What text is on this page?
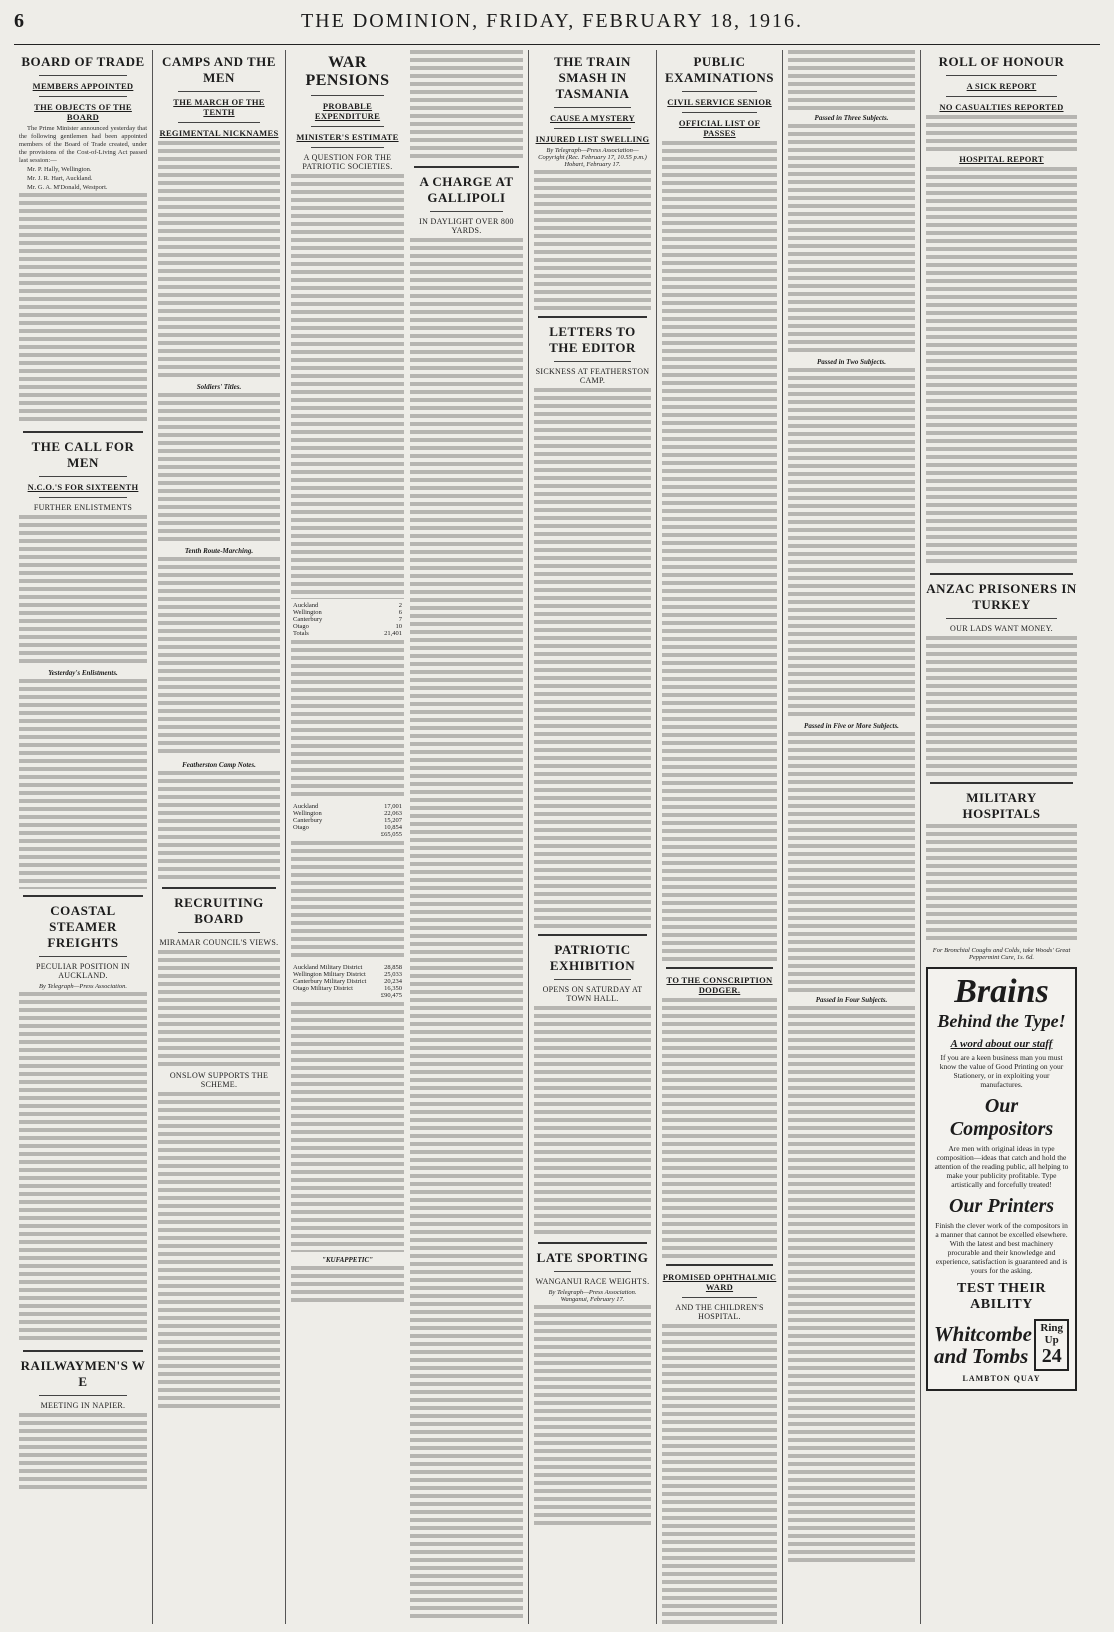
6	THE DOMINION, FRIDAY, FEBRUARY 18, 1916.
BOARD OF TRADE
MEMBERS APPOINTED
THE OBJECTS OF THE BOARD

The Prime Minister announced yesterday that the following gentlemen had been appointed members of the Board of Trade created, under the provisions of the Cost-of-Living Act passed last session:—

Mr. P. Hally, Wellington.

Mr. J. R. Hart, Auckland.

Mr. G. A. M'Donald, Westport.

THE CALL FOR MEN
N.C.O.'S FOR SIXTEENTH
FURTHER ENLISTMENTS
Yesterday's Enlistments.
COASTAL STEAMER FREIGHTS
PECULIAR POSITION IN AUCKLAND.
By Telegraph—Press Association.
RAILWAYMEN'S W E
MEETING IN NAPIER.
CAMPS AND THE MEN
THE MARCH OF THE TENTH
REGIMENTAL NICKNAMES
Soldiers' Titles.
Tenth Route-Marching.
Featherston Camp Notes.
RECRUITING BOARD
MIRAMAR COUNCIL'S VIEWS.
ONSLOW SUPPORTS THE SCHEME.
WAR PENSIONS
PROBABLE EXPENDITURE
MINISTER'S ESTIMATE
A QUESTION FOR THE PATRIOTIC SOCIETIES.
Auckland	2
Wellington	6
Canterbury	7
Otago	10
Totals	21,401
Auckland	17,001
Wellington	22,063
Canterbury	15,207
Otago	10,854
	£65,055
Auckland Military District	28,858
Wellington Military District	25,033
Canterbury Military District	20,234
Otago Military District	16,350
	£90,475
"KUFAPPETIC"
A CHARGE AT GALLIPOLI
IN DAYLIGHT OVER 800 YARDS.
THE TRAIN SMASH IN TASMANIA
CAUSE A MYSTERY
INJURED LIST SWELLING
By Telegraph—Press Association—Copyright (Rec. February 17, 10.55 p.m.) Hobart, February 17.
LETTERS TO THE EDITOR
SICKNESS AT FEATHERSTON CAMP.
PATRIOTIC EXHIBITION
OPENS ON SATURDAY AT TOWN HALL.
LATE SPORTING
WANGANUI RACE WEIGHTS.
By Telegraph—Press Association. Wanganui, February 17.
PUBLIC EXAMINATIONS
CIVIL SERVICE SENIOR
OFFICIAL LIST OF PASSES
TO THE CONSCRIPTION DODGER.
PROMISED OPHTHALMIC WARD
AND THE CHILDREN'S HOSPITAL.
Passed in Three Subjects.
Passed in Two Subjects.
Passed in Five or More Subjects.
Passed in Four Subjects.
ROLL OF HONOUR
A SICK REPORT
NO CASUALTIES REPORTED
HOSPITAL REPORT
ANZAC PRISONERS IN TURKEY
OUR LADS WANT MONEY.
MILITARY HOSPITALS
For Bronchial Coughs and Colds, take Woods' Great Peppermint Cure, 1s. 6d.
Brains
Behind the Type!
A word about our staff
If you are a keen business man you must know the value of Good Printing on your Stationery, or in exploiting your manufactures.
Our Compositors
Are men with original ideas in type composition—ideas that catch and hold the attention of the reading public, all helping to make your publicity profitable. Type artistically and forcefully treated!
Our Printers
Finish the clever work of the compositors in a manner that cannot be excelled elsewhere. With the latest and best machinery procurable and their knowledge and experience, satisfaction is guaranteed and is yours for the asking.
TEST THEIR ABILITY
Whitcombe and Tombs
Ring Up
24
LAMBTON QUAY
